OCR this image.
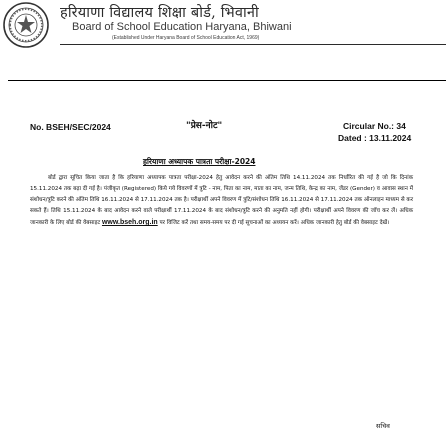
हरियाणा विद्यालय शिक्षा बोर्ड, भिवानी
Board of School Education Haryana, Bhiwani
(Established Under Haryana Board of School Education Act, 1969)
No. BSEH/SEC/2024	"प्रेस-नोट"	Circular No.: 34
Dated : 13.11.2024
हरियाणा अध्यापक पात्रता परीक्षा-2024
बोर्ड द्वारा सूचित किया जाता है कि हरियाणा अध्यापक पात्रता परीक्षा-2024 हेतु आवेदन करने की अंतिम तिथि 14.11.2024 तक निर्धारित की गई है जो कि दिनांक 15.11.2024 तक बढ़ा दी गई है। पंजीकृत (Registered) किये गये विवरणों में त्रुटि - नाम, पिता का नाम, माता का नाम, जन्म तिथि, केन्द्र का नाम, जेंडर (Gender) व आवास स्थान में संशोधन/त्रुटि करने की अंतिम तिथि 16.11.2024 से 17.11.2024 तक है। परीक्षार्थी अपने विवरण में त्रुटि/संशोधन तिथि 16.11.2024 से 17.11.2024 तक ऑनलाइन माध्यम से कर सकते हैं। तिथि 15.11.2024 के बाद आवेदन करने वाले परीक्षार्थी 17.11.2024 के बाद संशोधन/त्रुटि करने की अनुमति नहीं होगी। परीक्षार्थी अपने विवरण की जाँच कर लें। अधिक जानकारी के लिए बोर्ड की वेबसाइट www.bseh.org.in पर विजिट करें तथा समय-समय पर दी गई सूचनाओं का अध्ययन करें। अधिक जानकारी हेतु बोर्ड की वेबसाइट देखें।
सचिव
